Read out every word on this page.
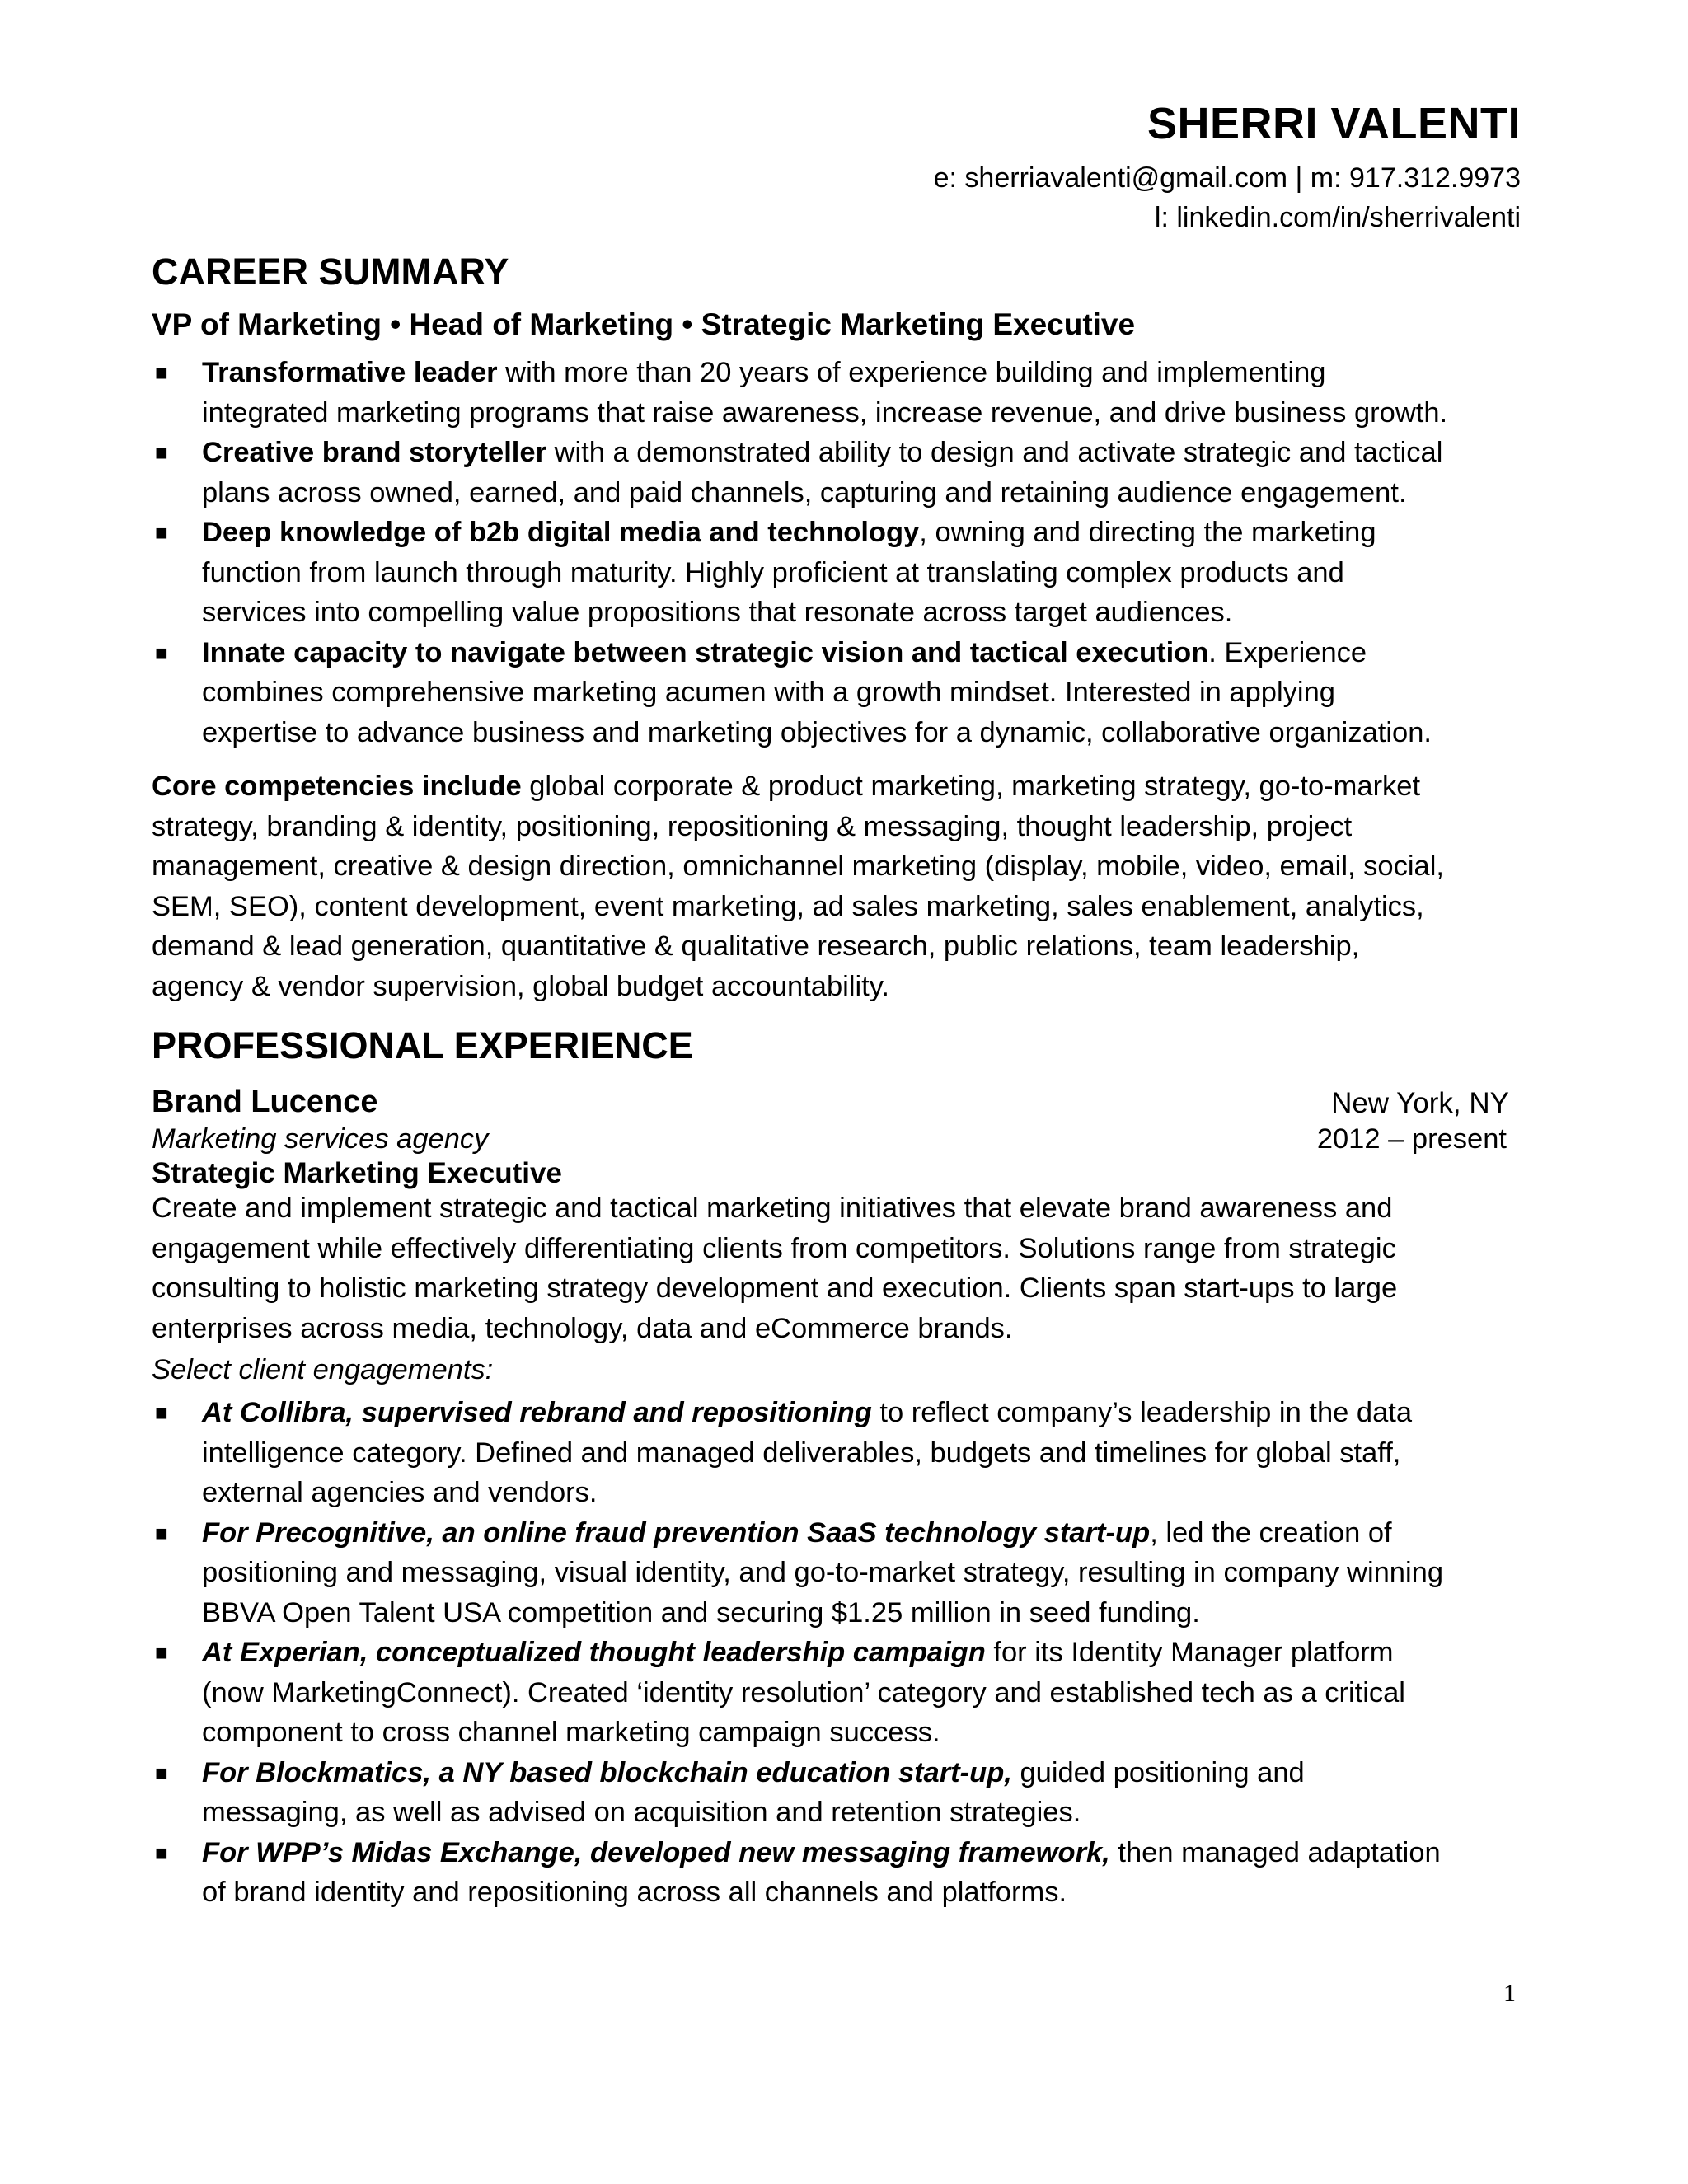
SHERRI VALENTI
e: sherriavalenti@gmail.com | m: 917.312.9973
l: linkedin.com/in/sherrivalenti
CAREER SUMMARY
VP of Marketing • Head of Marketing • Strategic Marketing Executive
■ Transformative leader with more than 20 years of experience building and implementing
integrated marketing programs that raise awareness, increase revenue, and drive business growth.
■ Creative brand storyteller with a demonstrated ability to design and activate strategic and tactical
plans across owned, earned, and paid channels, capturing and retaining audience engagement.
■ Deep knowledge of b2b digital media and technology, owning and directing the marketing
function from launch through maturity. Highly proficient at translating complex products and
services into compelling value propositions that resonate across target audiences.
■ Innate capacity to navigate between strategic vision and tactical execution. Experience
combines comprehensive marketing acumen with a growth mindset. Interested in applying
expertise to advance business and marketing objectives for a dynamic, collaborative organization.
Core competencies include global corporate & product marketing, marketing strategy, go-to-market
strategy, branding & identity, positioning, repositioning & messaging, thought leadership, project
management, creative & design direction, omnichannel marketing (display, mobile, video, email, social,
SEM, SEO), content development, event marketing, ad sales marketing, sales enablement, analytics,
demand & lead generation, quantitative & qualitative research, public relations, team leadership,
agency & vendor supervision, global budget accountability.
PROFESSIONAL EXPERIENCE
Brand Lucence	New York, NY
Marketing services agency	2012 – present
Strategic Marketing Executive
Create and implement strategic and tactical marketing initiatives that elevate brand awareness and
engagement while effectively differentiating clients from competitors. Solutions range from strategic
consulting to holistic marketing strategy development and execution. Clients span start-ups to large
enterprises across media, technology, data and eCommerce brands.
Select client engagements:
■ At Collibra, supervised rebrand and repositioning to reflect company’s leadership in the data
intelligence category. Defined and managed deliverables, budgets and timelines for global staff,
external agencies and vendors.
■ For Precognitive, an online fraud prevention SaaS technology start-up, led the creation of
positioning and messaging, visual identity, and go-to-market strategy, resulting in company winning
BBVA Open Talent USA competition and securing $1.25 million in seed funding.
■ At Experian, conceptualized thought leadership campaign for its Identity Manager platform
(now MarketingConnect). Created ‘identity resolution’ category and established tech as a critical
component to cross channel marketing campaign success.
■ For Blockmatics, a NY based blockchain education start-up, guided positioning and
messaging, as well as advised on acquisition and retention strategies.
■ For WPP’s Midas Exchange, developed new messaging framework, then managed adaptation
of brand identity and repositioning across all channels and platforms.
1
